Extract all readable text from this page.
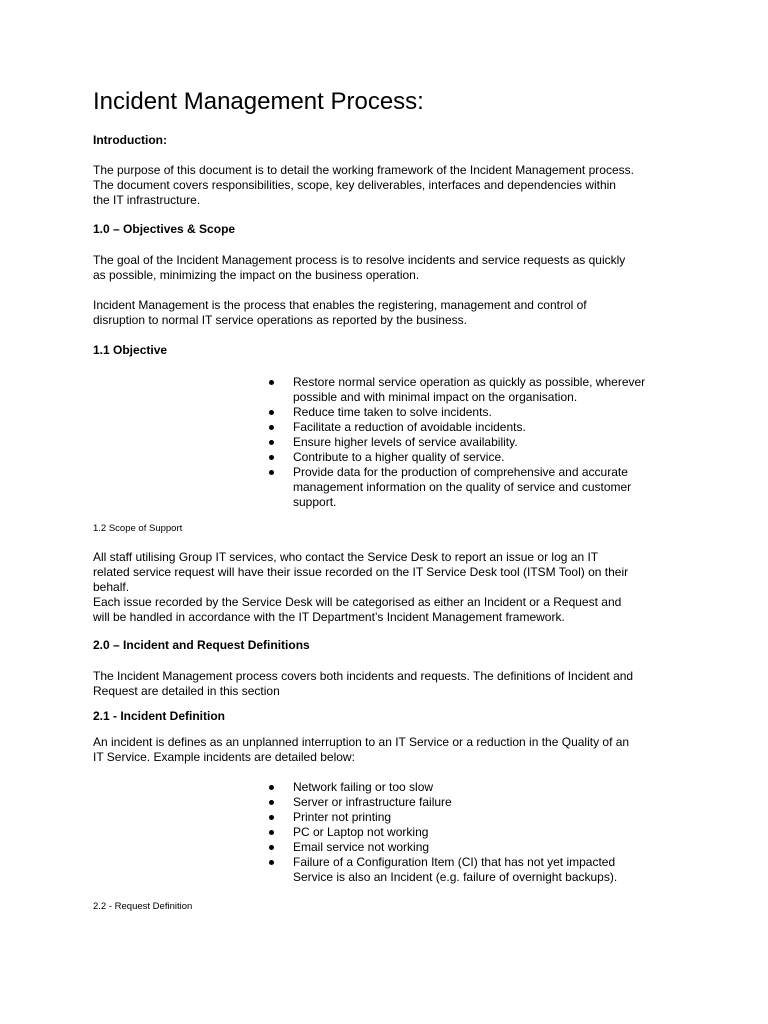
Incident Management Process:
Introduction:
The purpose of this document is to detail the working framework of the Incident Management process.
The document covers responsibilities, scope, key deliverables, interfaces and dependencies within
the IT infrastructure.
1.0 – Objectives & Scope
The goal of the Incident Management process is to resolve incidents and service requests as quickly
as possible, minimizing the impact on the business operation.
Incident Management is the process that enables the registering, management and control of
disruption to normal IT service operations as reported by the business.
1.1 Objective
Restore normal service operation as quickly as possible, wherever
possible and with minimal impact on the organisation.
Reduce time taken to solve incidents.
Facilitate a reduction of avoidable incidents.
Ensure higher levels of service availability.
Contribute to a higher quality of service.
Provide data for the production of comprehensive and accurate
management information on the quality of service and customer
support.
1.2 Scope of Support
All staff utilising Group IT services, who contact the Service Desk to report an issue or log an IT
related service request will have their issue recorded on the IT Service Desk tool (ITSM Tool) on their
behalf.
Each issue recorded by the Service Desk will be categorised as either an Incident or a Request and
will be handled in accordance with the IT Department’s Incident Management framework.
2.0 – Incident and Request Definitions
The Incident Management process covers both incidents and requests. The definitions of Incident and
Request are detailed in this section
2.1 - Incident Definition
An incident is defines as an unplanned interruption to an IT Service or a reduction in the Quality of an
IT Service. Example incidents are detailed below:
Network failing or too slow
Server or infrastructure failure
Printer not printing
PC or Laptop not working
Email service not working
Failure of a Configuration Item (CI) that has not yet impacted
Service is also an Incident (e.g. failure of overnight backups).
2.2 - Request Definition
